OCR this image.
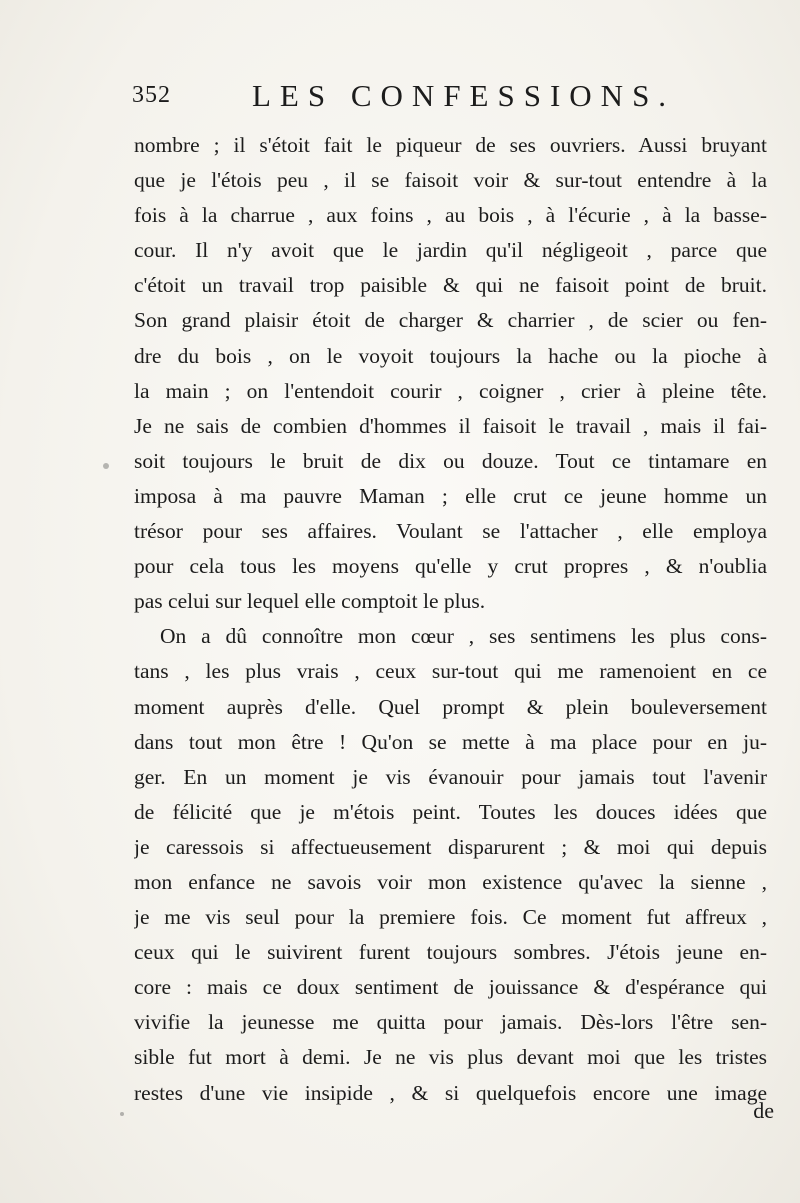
352	LES CONFESSIONS.
nombre ; il s'étoit fait le piqueur de ses ouvriers. Aussi bruyant
que je l'étois peu , il se faisoit voir & sur-tout entendre à la
fois à la charrue , aux foins , au bois , à l'écurie , à la basse-
cour. Il n'y avoit que le jardin qu'il négligeoit , parce que
c'étoit un travail trop paisible & qui ne faisoit point de bruit.
Son grand plaisir étoit de charger & charrier , de scier ou fen-
dre du bois , on le voyoit toujours la hache ou la pioche à
la main ; on l'entendoit courir , coigner , crier à pleine tête.
Je ne sais de combien d'hommes il faisoit le travail , mais il fai-
soit toujours le bruit de dix ou douze. Tout ce tintamare en
imposa à ma pauvre Maman ; elle crut ce jeune homme un
trésor pour ses affaires. Voulant se l'attacher , elle employa
pour cela tous les moyens qu'elle y crut propres , & n'oublia
pas celui sur lequel elle comptoit le plus.
On a dû connoître mon cœur , ses sentimens les plus cons-
tans , les plus vrais , ceux sur-tout qui me ramenoient en ce
moment auprès d'elle. Quel prompt & plein bouleversement
dans tout mon être ! Qu'on se mette à ma place pour en ju-
ger. En un moment je vis évanouir pour jamais tout l'avenir
de félicité que je m'étois peint. Toutes les douces idées que
je caressois si affectueusement disparurent ; & moi qui depuis
mon enfance ne savois voir mon existence qu'avec la sienne ,
je me vis seul pour la premiere fois. Ce moment fut affreux ,
ceux qui le suivirent furent toujours sombres. J'étois jeune en-
core : mais ce doux sentiment de jouissance & d'espérance qui
vivifie la jeunesse me quitta pour jamais. Dès-lors l'être sen-
sible fut mort à demi. Je ne vis plus devant moi que les tristes
restes d'une vie insipide , & si quelquefois encore une image
de
